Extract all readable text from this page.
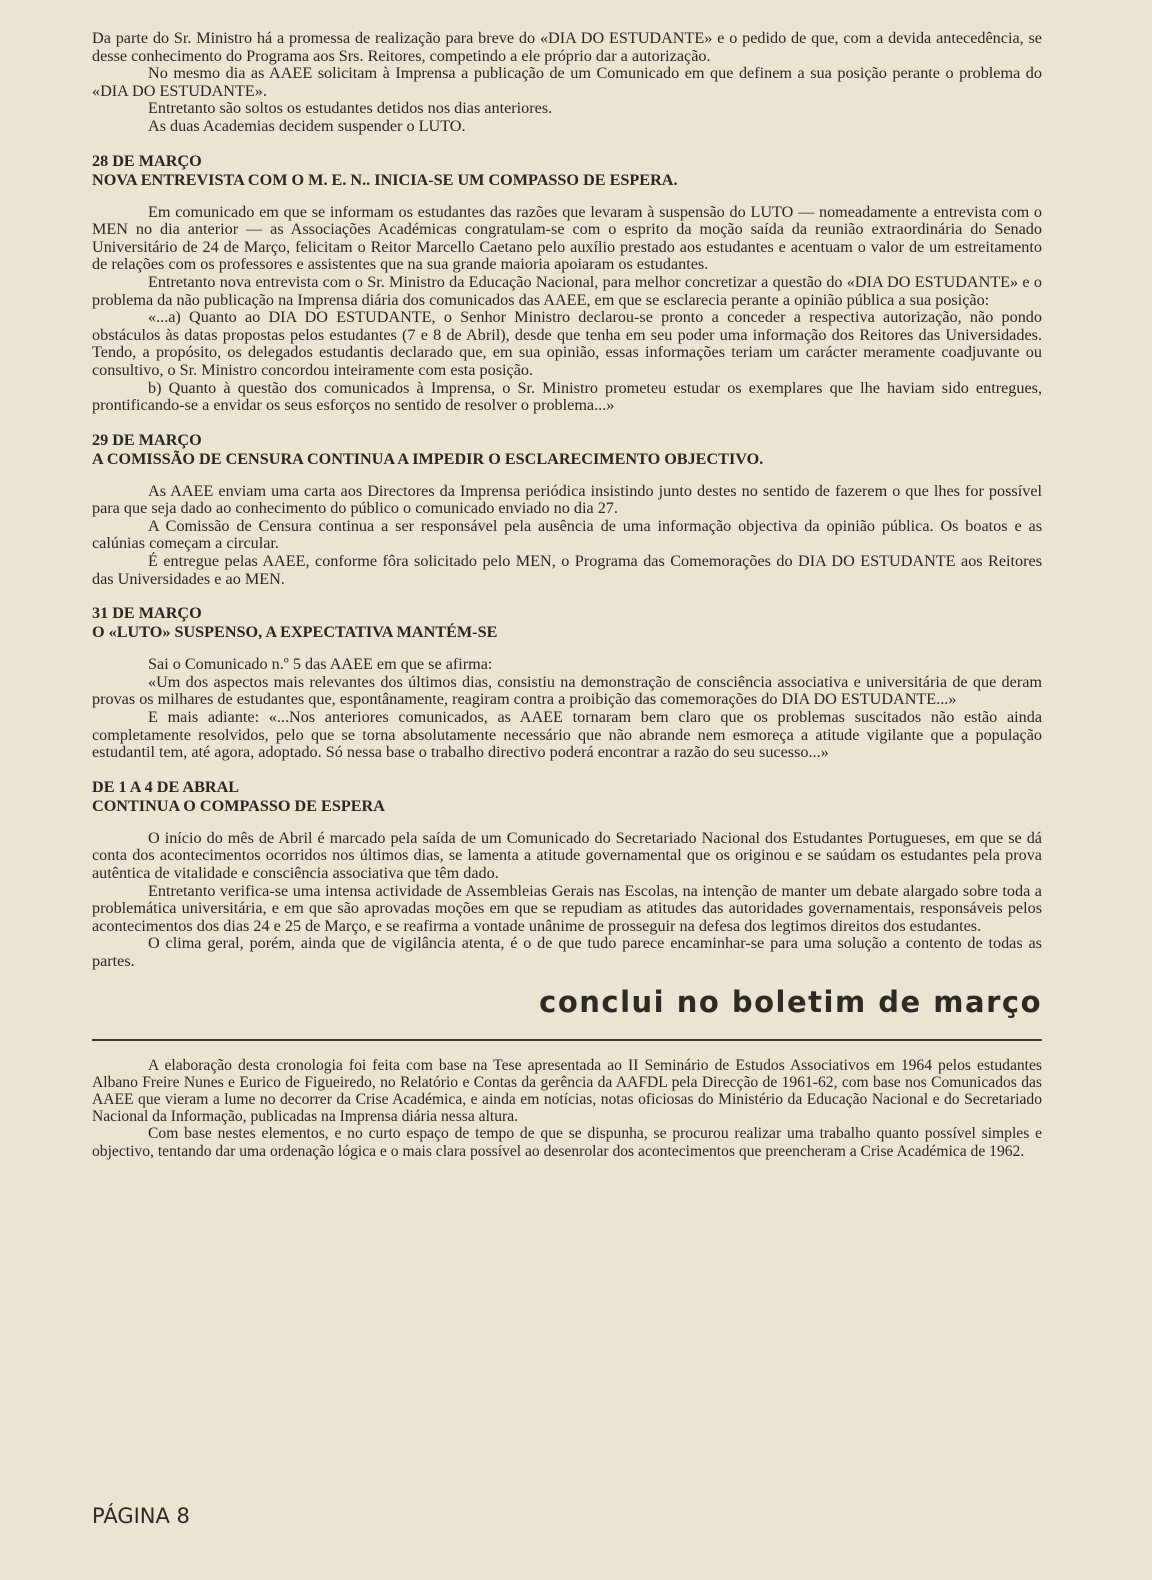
Da parte do Sr. Ministro há a promessa de realização para breve do «DIA DO ESTUDANTE» e o pedido de que, com a devida antecedência, se desse conhecimento do Programa aos Srs. Reitores, competindo a ele próprio dar a autorização.

No mesmo dia as AAEE solicitam à Imprensa a publicação de um Comunicado em que definem a sua posição perante o problema do «DIA DO ESTUDANTE».

Entretanto são soltos os estudantes detidos nos dias anteriores.

As duas Academias decidem suspender o LUTO.

28 DE MARÇO
NOVA ENTREVISTA COM O M. E. N.. INICIA-SE UM COMPASSO DE ESPERA.

Em comunicado em que se informam os estudantes das razões que levaram à suspensão do LUTO — nomeadamente a entrevista com o MEN no dia anterior — as Associações Académicas congratulam-se com o esprito da moção saída da reunião extraordinária do Senado Universitário de 24 de Março, felicitam o Reitor Marcello Caetano pelo auxílio prestado aos estudantes e acentuam o valor de um estreitamento de relações com os professores e assistentes que na sua grande maioria apoiaram os estudantes.

Entretanto nova entrevista com o Sr. Ministro da Educação Nacional, para melhor concretizar a questão do «DIA DO ESTUDANTE» e o problema da não publicação na Imprensa diária dos comunicados das AAEE, em que se esclarecia perante a opinião pública a sua posição:

«...a) Quanto ao DIA DO ESTUDANTE, o Senhor Ministro declarou-se pronto a conceder a respectiva autorização, não pondo obstáculos às datas propostas pelos estudantes (7 e 8 de Abril), desde que tenha em seu poder uma informação dos Reitores das Universidades. Tendo, a propósito, os delegados estudantis declarado que, em sua opinião, essas informações teriam um carácter meramente coadjuvante ou consultivo, o Sr. Ministro concordou inteiramente com esta posição.

b) Quanto à questão dos comunicados à Imprensa, o Sr. Ministro prometeu estudar os exemplares que lhe haviam sido entregues, prontificando-se a envidar os seus esforços no sentido de resolver o problema...»

29 DE MARÇO
A COMISSÃO DE CENSURA CONTINUA A IMPEDIR O ESCLARECIMENTO OBJECTIVO.

As AAEE enviam uma carta aos Directores da Imprensa periódica insistindo junto destes no sentido de fazerem o que lhes for possível para que seja dado ao conhecimento do público o comunicado enviado no dia 27.

A Comissão de Censura continua a ser responsável pela ausência de uma informação objectiva da opinião pública. Os boatos e as calúnias começam a circular.

É entregue pelas AAEE, conforme fôra solicitado pelo MEN, o Programa das Comemorações do DIA DO ESTUDANTE aos Reitores das Universidades e ao MEN.

31 DE MARÇO
O «LUTO» SUSPENSO, A EXPECTATIVA MANTÉM-SE

Sai o Comunicado n.º 5 das AAEE em que se afirma:

«Um dos aspectos mais relevantes dos últimos dias, consistiu na demonstração de consciência associativa e universitária de que deram provas os milhares de estudantes que, espontânamente, reagiram contra a proibição das comemorações do DIA DO ESTUDANTE...»

E mais adiante: «...Nos anteriores comunicados, as AAEE tornaram bem claro que os problemas suscitados não estão ainda completamente resolvidos, pelo que se torna absolutamente necessário que não abrande nem esmoreça a atitude vigilante que a população estudantil tem, até agora, adoptado. Só nessa base o trabalho directivo poderá encontrar a razão do seu sucesso...»

DE 1 A 4 DE ABRAL
CONTINUA O COMPASSO DE ESPERA

O início do mês de Abril é marcado pela saída de um Comunicado do Secretariado Nacional dos Estudantes Portugueses, em que se dá conta dos acontecimentos ocorridos nos últimos dias, se lamenta a atitude governamental que os originou e se saúdam os estudantes pela prova autêntica de vitalidade e consciência associativa que têm dado.

Entretanto verifica-se uma intensa actividade de Assembleias Gerais nas Escolas, na intenção de manter um debate alargado sobre toda a problemática universitária, e em que são aprovadas moções em que se repudiam as atitudes das autoridades governamentais, responsáveis pelos acontecimentos dos dias 24 e 25 de Março, e se reafirma a vontade unânime de prosseguir na defesa dos legtimos direitos dos estudantes.

O clima geral, porém, ainda que de vigilância atenta, é o de que tudo parece encaminhar-se para uma solução a contento de todas as partes.

conclui no boletim de março

A elaboração desta cronologia foi feita com base na Tese apresentada ao II Seminário de Estudos Associativos em 1964 pelos estudantes Albano Freire Nunes e Eurico de Figueiredo, no Relatório e Contas da gerência da AAFDL pela Direcção de 1961-62, com base nos Comunicados das AAEE que vieram a lume no decorrer da Crise Académica, e ainda em notícias, notas oficiosas do Ministério da Educação Nacional e do Secretariado Nacional da Informação, publicadas na Imprensa diária nessa altura.

Com base nestes elementos, e no curto espaço de tempo de que se dispunha, se procurou realizar uma trabalho quanto possível simples e objectivo, tentando dar uma ordenação lógica e o mais clara possível ao desenrolar dos acontecimentos que preencheram a Crise Académica de 1962.

PÁGINA 8
